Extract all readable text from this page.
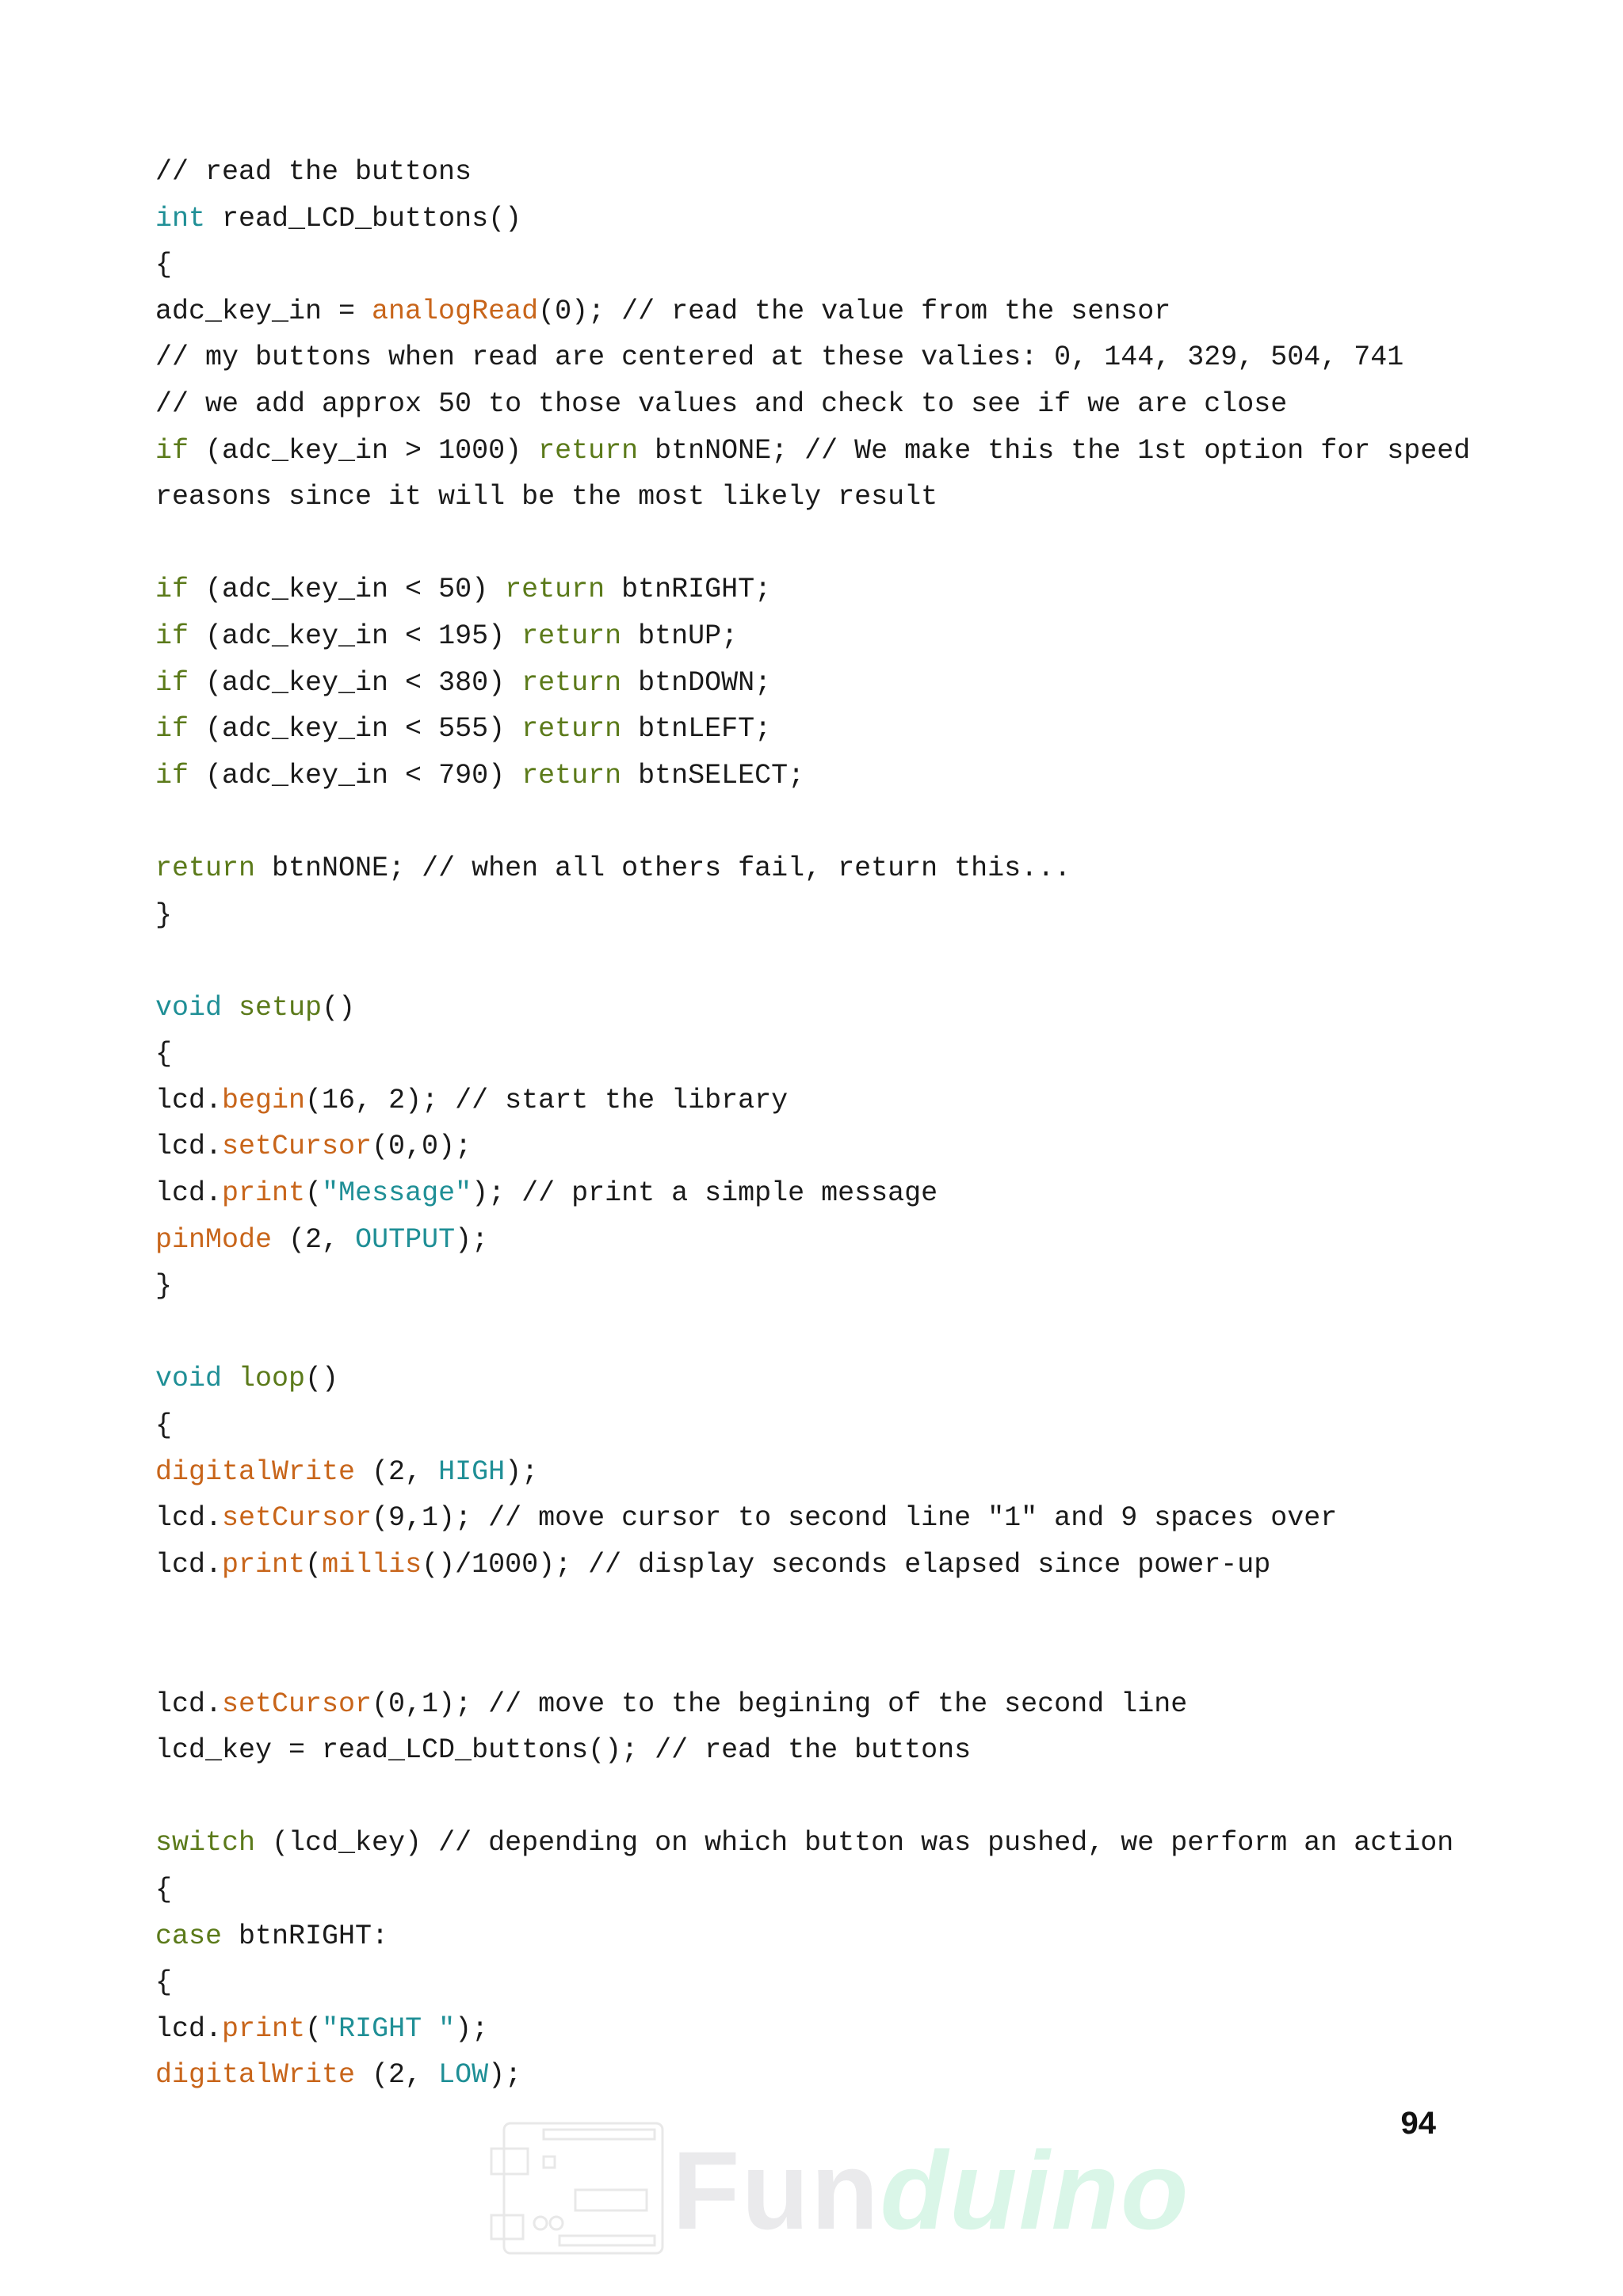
// read the buttons
int read_LCD_buttons()
{
adc_key_in = analogRead(0); // read the value from the sensor
// my buttons when read are centered at these valies: 0, 144, 329, 504, 741
// we add approx 50 to those values and check to see if we are close
if (adc_key_in > 1000) return btnNONE; // We make this the 1st option for speed
reasons since it will be the most likely result

if (adc_key_in < 50) return btnRIGHT;
if (adc_key_in < 195) return btnUP;
if (adc_key_in < 380) return btnDOWN;
if (adc_key_in < 555) return btnLEFT;
if (adc_key_in < 790) return btnSELECT;

return btnNONE; // when all others fail, return this...
}

void setup()
{
lcd.begin(16, 2); // start the library
lcd.setCursor(0,0);
lcd.print("Message"); // print a simple message
pinMode (2, OUTPUT);
}

void loop()
{
digitalWrite (2, HIGH);
lcd.setCursor(9,1); // move cursor to second line "1" and 9 spaces over
lcd.print(millis()/1000); // display seconds elapsed since power-up

lcd.setCursor(0,1); // move to the begining of the second line
lcd_key = read_LCD_buttons(); // read the buttons

switch (lcd_key) // depending on which button was pushed, we perform an action
{
case btnRIGHT:
{
lcd.print("RIGHT ");
digitalWrite (2, LOW);
94
Funduino
